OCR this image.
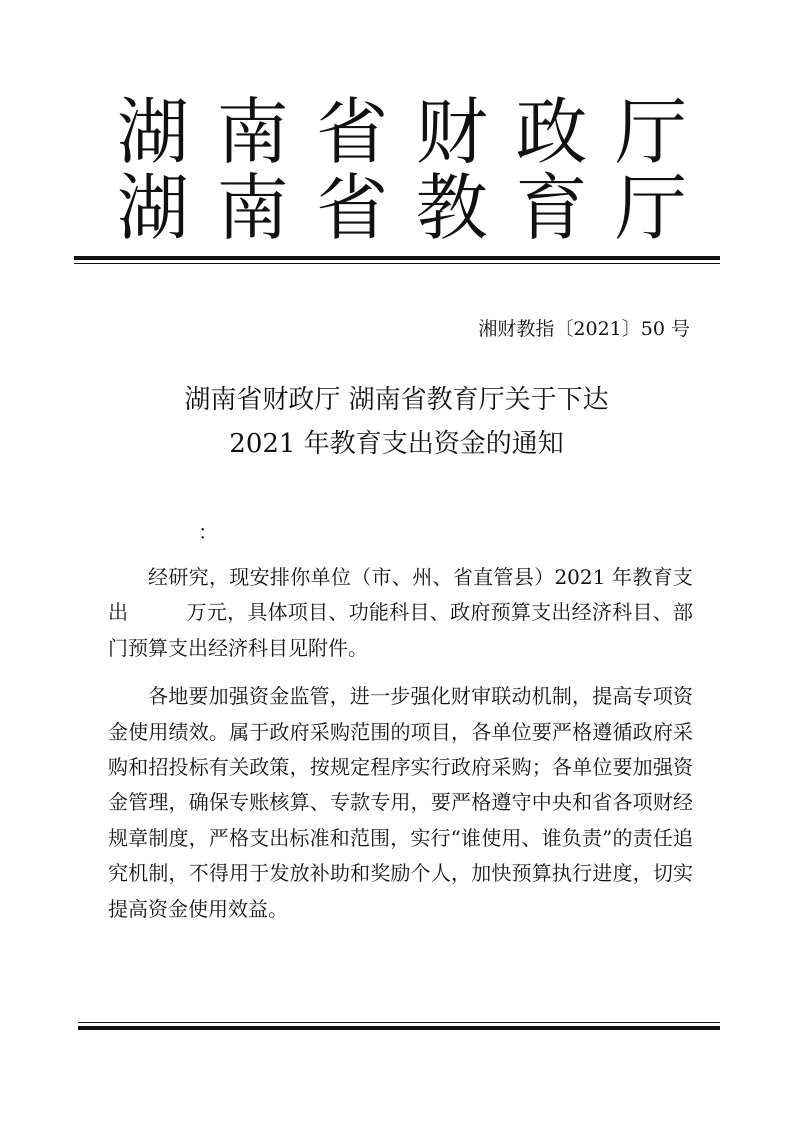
湖 南 省 财 政 厅
湖 南 省 教 育 厅
湘财教指〔2021〕50 号
湖南省财政厅 湖南省教育厅关于下达
2021 年教育支出资金的通知
：

经研究，现安排你单位（市、州、省直管县）2021 年教育支出	万元，具体项目、功能科目、政府预算支出经济科目、部门预算支出经济科目见附件。

各地要加强资金监管，进一步强化财审联动机制，提高专项资金使用绩效。属于政府采购范围的项目，各单位要严格遵循政府采购和招投标有关政策，按规定程序实行政府采购；各单位要加强资金管理，确保专账核算、专款专用，要严格遵守中央和省各项财经规章制度，严格支出标准和范围，实行“谁使用、谁负责”的责任追究机制，不得用于发放补助和奖励个人，加快预算执行进度，切实提高资金使用效益。
